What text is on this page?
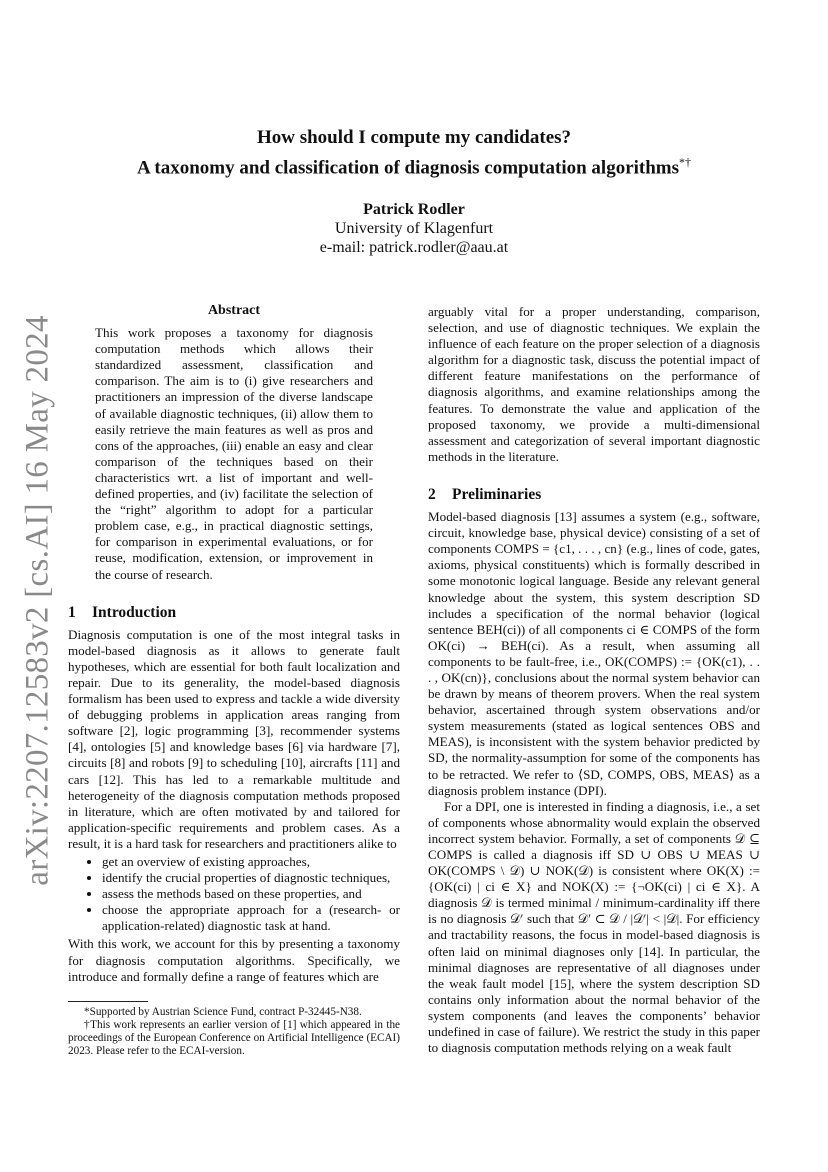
arXiv:2207.12583v2 [cs.AI] 16 May 2024
How should I compute my candidates?
A taxonomy and classification of diagnosis computation algorithms*†
Patrick Rodler
University of Klagenfurt
e-mail: patrick.rodler@aau.at
Abstract

This work proposes a taxonomy for diagnosis computation methods which allows their standardized assessment, classification and comparison. The aim is to (i) give researchers and practitioners an impression of the diverse landscape of available diagnostic techniques, (ii) allow them to easily retrieve the main features as well as pros and cons of the approaches, (iii) enable an easy and clear comparison of the techniques based on their characteristics wrt. a list of important and well-defined properties, and (iv) facilitate the selection of the “right” algorithm to adopt for a particular problem case, e.g., in practical diagnostic settings, for comparison in experimental evaluations, or for reuse, modification, extension, or improvement in the course of research.

1 Introduction

Diagnosis computation is one of the most integral tasks in model-based diagnosis as it allows to generate fault hypotheses, which are essential for both fault localization and repair. Due to its generality, the model-based diagnosis formalism has been used to express and tackle a wide diversity of debugging problems in application areas ranging from software [2], logic programming [3], recommender systems [4], ontologies [5] and knowledge bases [6] via hardware [7], circuits [8] and robots [9] to scheduling [10], aircrafts [11] and cars [12]. This has led to a remarkable multitude and heterogeneity of the diagnosis computation methods proposed in literature, which are often motivated by and tailored for application-specific requirements and problem cases. As a result, it is a hard task for researchers and practitioners alike to

• get an overview of existing approaches,
• identify the crucial properties of diagnostic techniques,
• assess the methods based on these properties, and
• choose the appropriate approach for a (research- or application-related) diagnostic task at hand.

With this work, we account for this by presenting a taxonomy for diagnosis computation algorithms. Specifically, we introduce and formally define a range of features which are

*Supported by Austrian Science Fund, contract P-32445-N38.

†This work represents an earlier version of [1] which appeared in the proceedings of the European Conference on Artificial Intelligence (ECAI) 2023. Please refer to the ECAI-version.

arguably vital for a proper understanding, comparison, selection, and use of diagnostic techniques. We explain the influence of each feature on the proper selection of a diagnosis algorithm for a diagnostic task, discuss the potential impact of different feature manifestations on the performance of diagnosis algorithms, and examine relationships among the features. To demonstrate the value and application of the proposed taxonomy, we provide a multi-dimensional assessment and categorization of several important diagnostic methods in the literature.

2 Preliminaries

Model-based diagnosis [13] assumes a system (e.g., software, circuit, knowledge base, physical device) consisting of a set of components COMPS = {c1, . . . , cn} (e.g., lines of code, gates, axioms, physical constituents) which is formally described in some monotonic logical language. Beside any relevant general knowledge about the system, this system description SD includes a specification of the normal behavior (logical sentence BEH(ci)) of all components ci ∈ COMPS of the form OK(ci) → BEH(ci). As a result, when assuming all components to be fault-free, i.e., OK(COMPS) := {OK(c1), . . . , OK(cn)}, conclusions about the normal system behavior can be drawn by means of theorem provers. When the real system behavior, ascertained through system observations and/or system measurements (stated as logical sentences OBS and MEAS), is inconsistent with the system behavior predicted by SD, the normality-assumption for some of the components has to be retracted. We refer to ⟨SD, COMPS, OBS, MEAS⟩ as a diagnosis problem instance (DPI).

For a DPI, one is interested in finding a diagnosis, i.e., a set of components whose abnormality would explain the observed incorrect system behavior. Formally, a set of components 𝒟 ⊆ COMPS is called a diagnosis iff SD ∪ OBS ∪ MEAS ∪ OK(COMPS \ 𝒟) ∪ NOK(𝒟) is consistent where OK(X) := {OK(ci) | ci ∈ X} and NOK(X) := {¬OK(ci) | ci ∈ X}. A diagnosis 𝒟 is termed minimal / minimum-cardinality iff there is no diagnosis 𝒟′ such that 𝒟′ ⊂ 𝒟 / |𝒟′| < |𝒟|. For efficiency and tractability reasons, the focus in model-based diagnosis is often laid on minimal diagnoses only [14]. In particular, the minimal diagnoses are representative of all diagnoses under the weak fault model [15], where the system description SD contains only information about the normal behavior of the system components (and leaves the components’ behavior undefined in case of failure). We restrict the study in this paper to diagnosis computation methods relying on a weak fault
